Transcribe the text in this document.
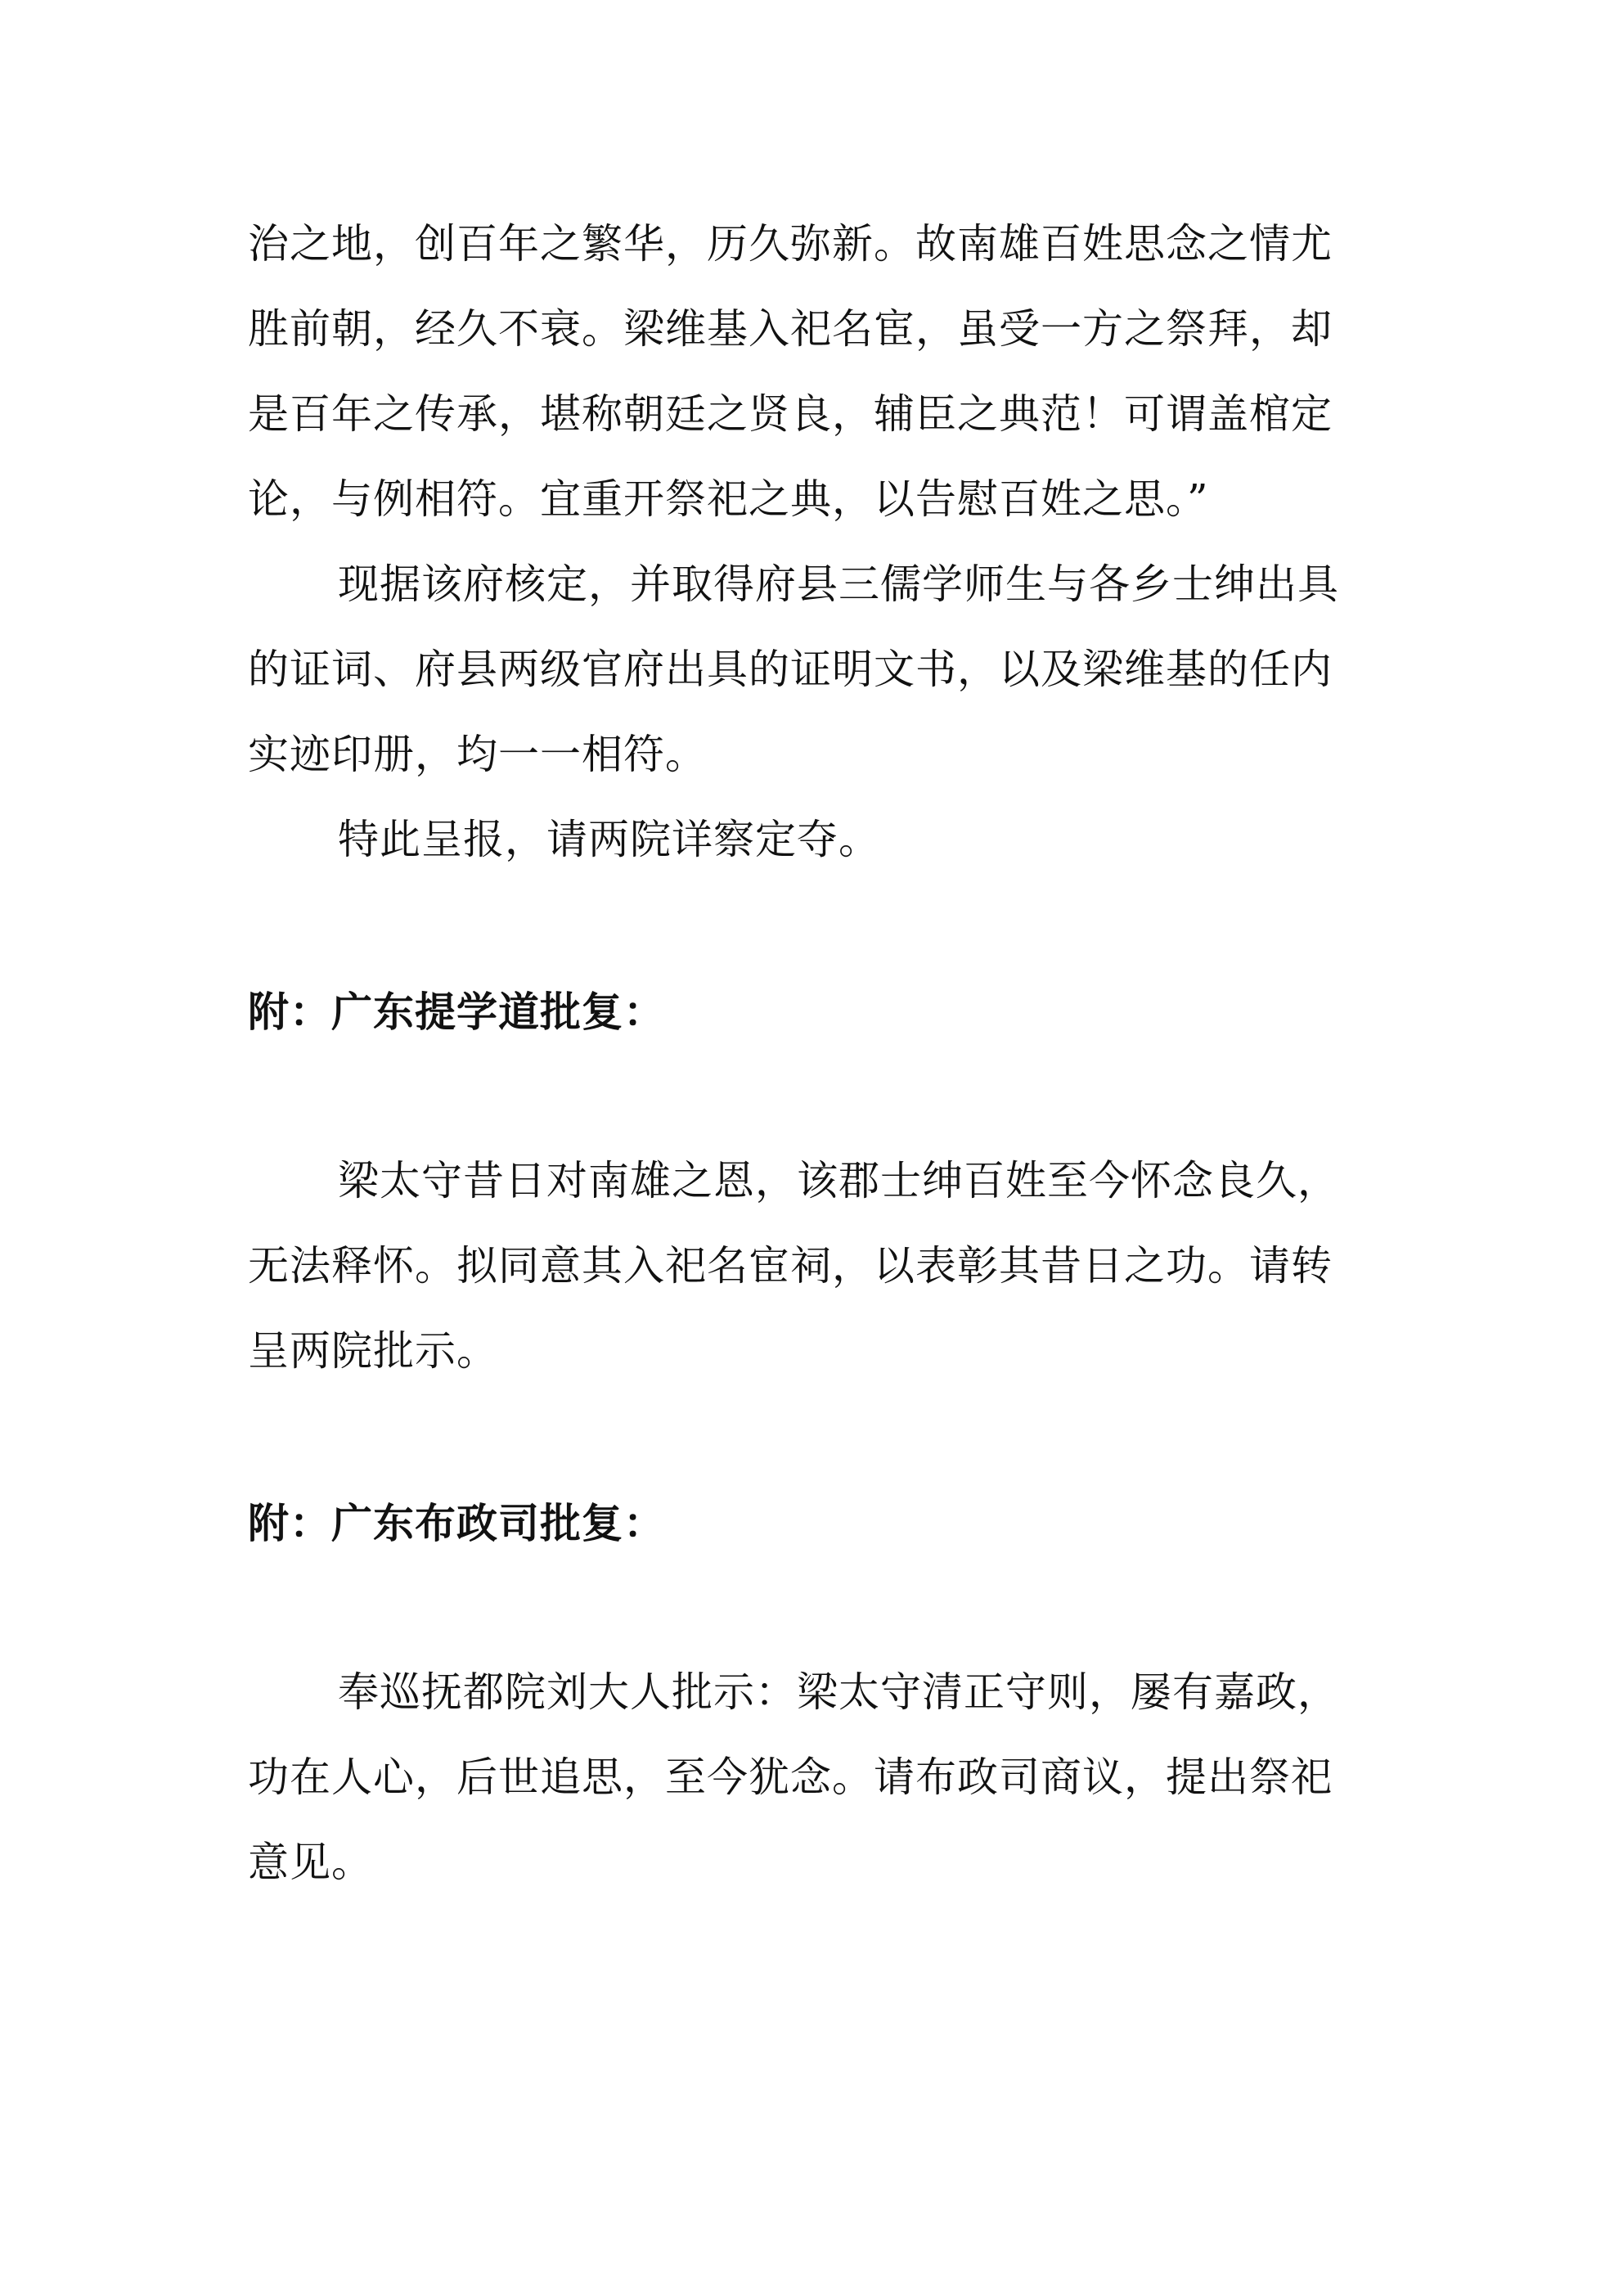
治之地，创百年之繁华，历久弥新。故南雄百姓思念之情尤
胜前朝，经久不衰。梁维基入祀名宦，虽受一方之祭拜，却
是百年之传承，堪称朝廷之贤良，辅臣之典范！可谓盖棺定
论，与例相符。宜重开祭祀之典，以告慰百姓之思。”
现据该府核定，并取得府县三儒学师生与各乡士绅出具
的证词、府县两级官府出具的证明文书，以及梁维基的任内
实迹印册，均一一相符。
特此呈报，请两院详察定夺。
附：广东提学道批复：
梁太守昔日对南雄之恩，该郡士绅百姓至今怀念良久，
无法释怀。拟同意其入祀名宦祠，以表彰其昔日之功。请转
呈两院批示。
附：广东布政司批复：
奉巡抚都院刘大人批示：梁太守清正守则，屡有嘉政，
功在人心，后世追思，至今犹念。请布政司商议，提出祭祀
意见。
